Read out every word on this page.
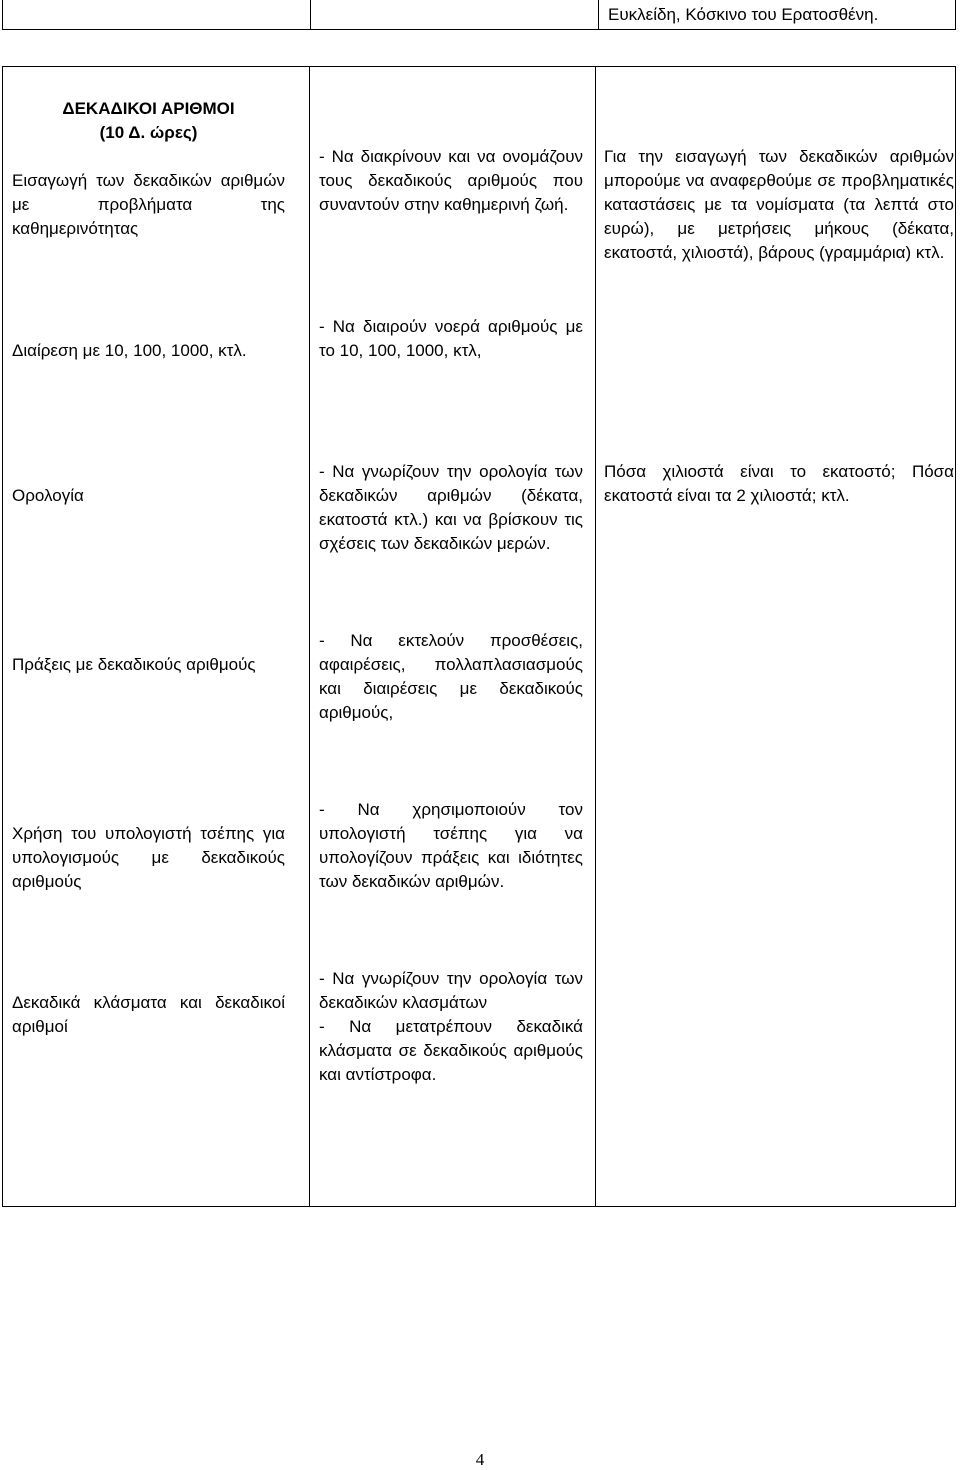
Ευκλείδη, Κόσκινο του Ερατοσθένη.
ΔΕΚΑΔΙΚΟΙ ΑΡΙΘΜΟΙ
(10 Δ. ώρες)
Εισαγωγή των δεκαδικών αριθμών με προβλήματα της καθημερινότητας
- Να διακρίνουν και να ονομάζουν τους δεκαδικούς αριθμούς που συναντούν στην καθημερινή ζωή.
Για την εισαγωγή των δεκαδικών αριθμών μπορούμε να αναφερθούμε σε προβληματικές καταστάσεις με τα νομίσματα (τα λεπτά στο ευρώ), με μετρήσεις μήκους (δέκατα, εκατοστά, χιλιοστά), βάρους (γραμμάρια) κτλ.
Διαίρεση με 10, 100, 1000, κτλ.
- Να διαιρούν νοερά αριθμούς με το 10, 100, 1000, κτλ,
Ορολογία
- Να γνωρίζουν την ορολογία των δεκαδικών αριθμών (δέκατα, εκατοστά κτλ.) και να βρίσκουν τις σχέσεις των δεκαδικών μερών.
Πόσα χιλιοστά είναι το εκατοστό; Πόσα εκατοστά είναι τα 2 χιλιοστά; κτλ.
Πράξεις με δεκαδικούς αριθμούς
- Να εκτελούν προσθέσεις, αφαιρέσεις, πολλαπλασιασμούς και διαιρέσεις με δεκαδικούς αριθμούς,
Χρήση του υπολογιστή τσέπης για υπολογισμούς με δεκαδικούς αριθμούς
- Να χρησιμοποιούν τον υπολογιστή τσέπης για να υπολογίζουν πράξεις και ιδιότητες των δεκαδικών αριθμών.
Δεκαδικά κλάσματα και δεκαδικοί αριθμοί
- Να γνωρίζουν την ορολογία των δεκαδικών κλασμάτων
- Να μετατρέπουν δεκαδικά κλάσματα σε δεκαδικούς αριθμούς και αντίστροφα.
4
